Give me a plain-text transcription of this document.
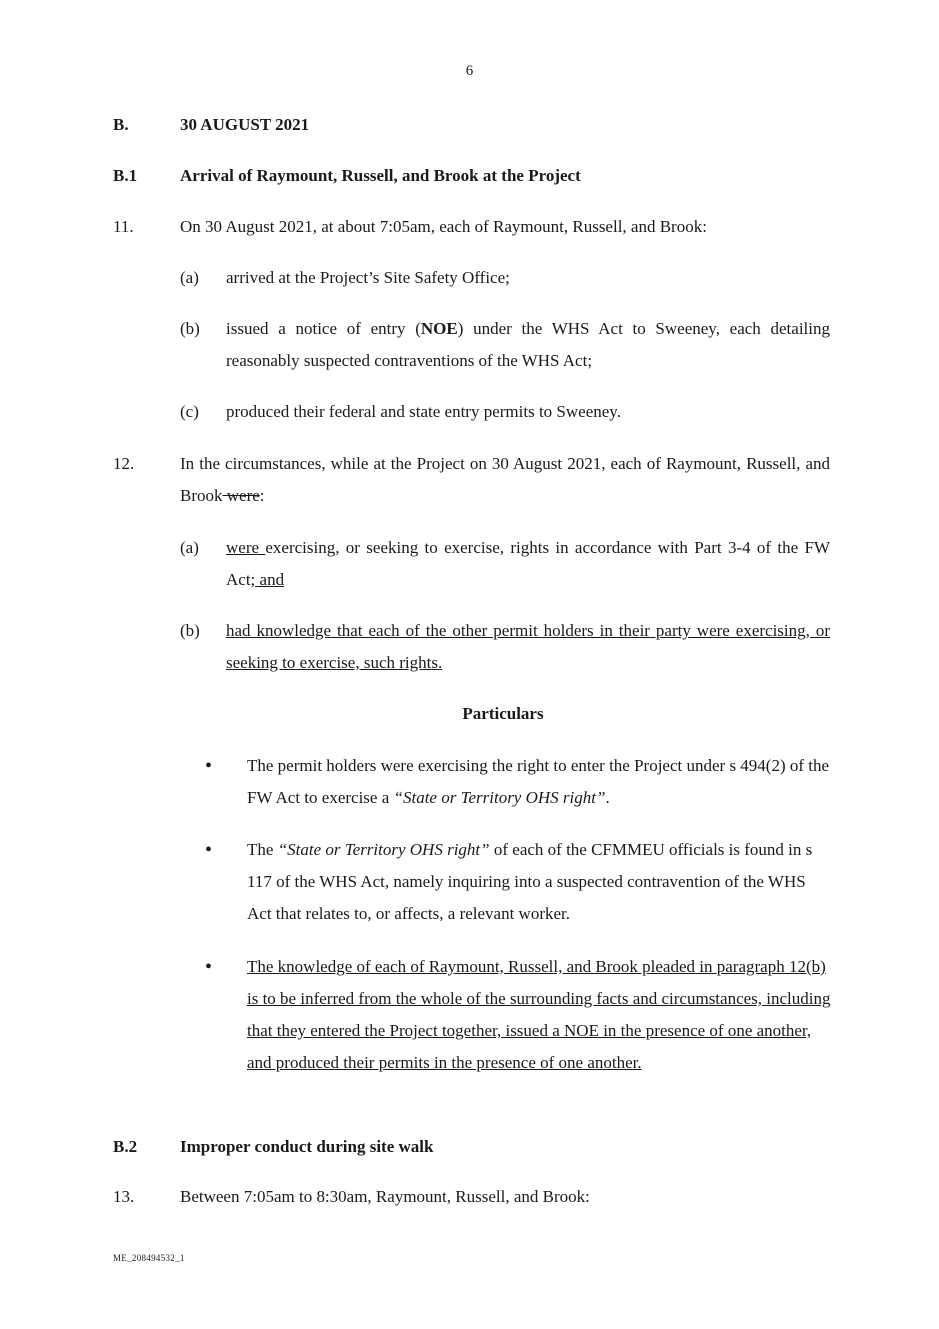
6
B.	30 AUGUST 2021
B.1	Arrival of Raymount, Russell, and Brook at the Project
11.	On 30 August 2021, at about 7:05am, each of Raymount, Russell, and Brook:
(a) arrived at the Project’s Site Safety Office;
(b) issued a notice of entry (NOE) under the WHS Act to Sweeney, each detailing reasonably suspected contraventions of the WHS Act;
(c) produced their federal and state entry permits to Sweeney.
12.	In the circumstances, while at the Project on 30 August 2021, each of Raymount, Russell, and Brook were:
(a) were exercising, or seeking to exercise, rights in accordance with Part 3-4 of the FW Act; and
(b) had knowledge that each of the other permit holders in their party were exercising, or seeking to exercise, such rights.
Particulars
• The permit holders were exercising the right to enter the Project under s 494(2) of the FW Act to exercise a “State or Territory OHS right”.
• The “State or Territory OHS right” of each of the CFMMEU officials is found in s 117 of the WHS Act, namely inquiring into a suspected contravention of the WHS Act that relates to, or affects, a relevant worker.
• The knowledge of each of Raymount, Russell, and Brook pleaded in paragraph 12(b) is to be inferred from the whole of the surrounding facts and circumstances, including that they entered the Project together, issued a NOE in the presence of one another, and produced their permits in the presence of one another.
B.2	Improper conduct during site walk
13.	Between 7:05am to 8:30am, Raymount, Russell, and Brook:
ME_208494532_1
